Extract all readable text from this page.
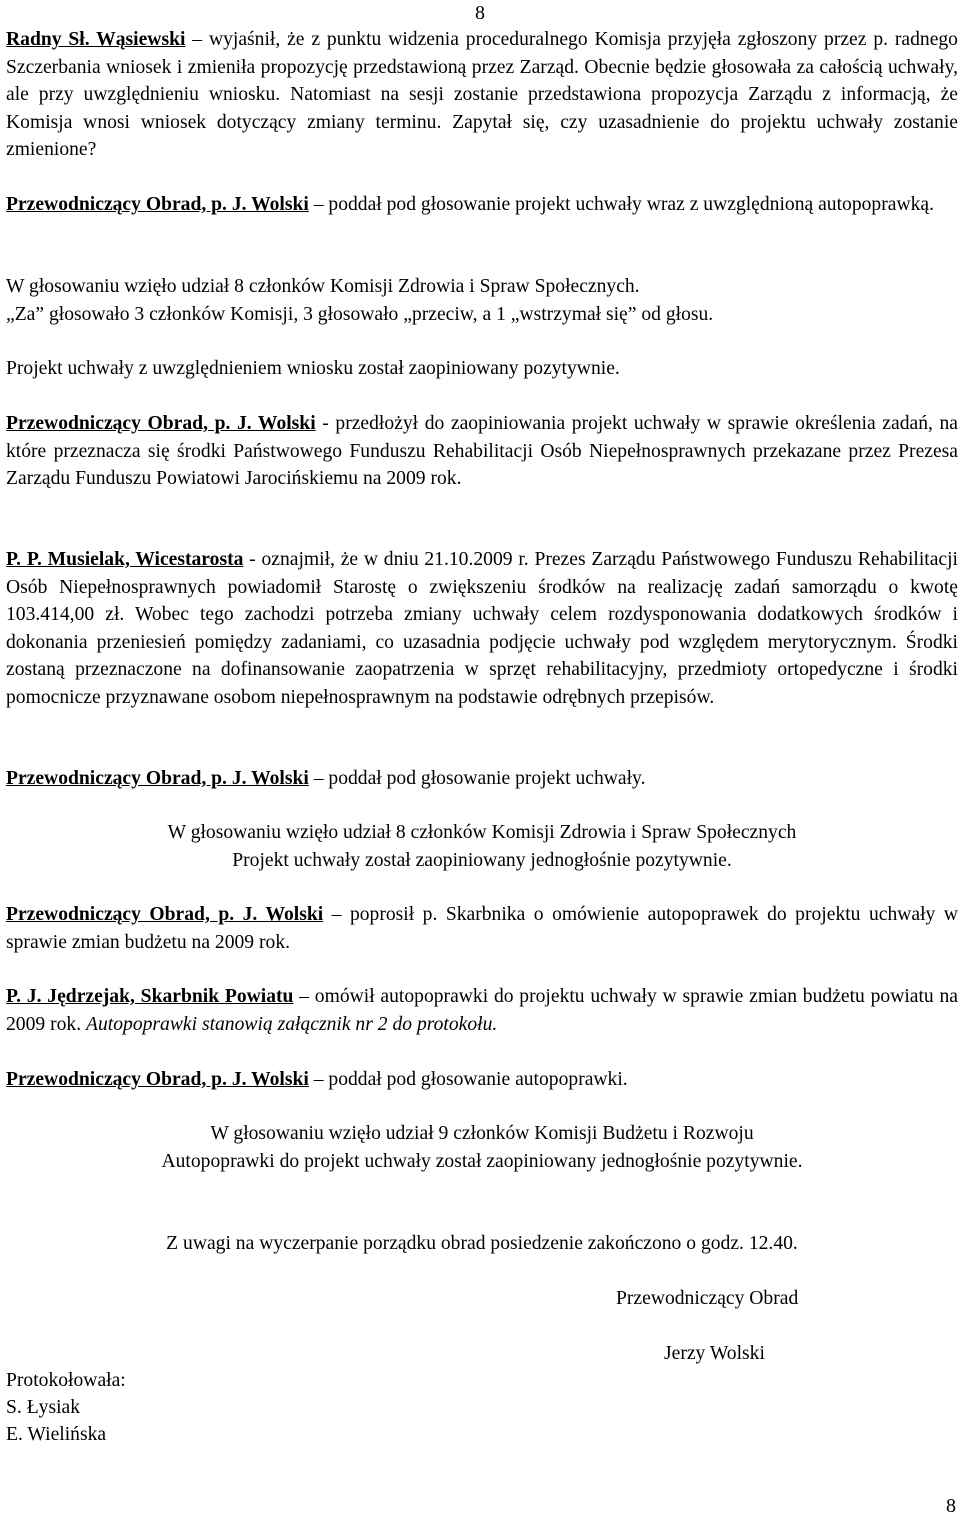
8

Radny Sł. Wąsiewski – wyjaśnił, że z punktu widzenia proceduralnego Komisja przyjęła zgłoszony przez p. radnego Szczerbania wniosek i zmieniła propozycję przedstawioną przez Zarząd. Obecnie będzie głosowała za całością uchwały, ale przy uwzględnieniu wniosku. Natomiast na sesji zostanie przedstawiona propozycja Zarządu z informacją, że Komisja wnosi wniosek dotyczący zmiany terminu. Zapytał się, czy uzasadnienie do projektu uchwały zostanie zmienione?

Przewodniczący Obrad, p. J. Wolski – poddał pod głosowanie projekt uchwały wraz z uwzględnioną autopoprawką.

W głosowaniu wzięło udział 8 członków Komisji Zdrowia i Spraw Społecznych.
„Za” głosowało 3 członków Komisji, 3 głosowało „przeciw, a 1 „wstrzymał się” od głosu.

Projekt uchwały z uwzględnieniem wniosku został zaopiniowany pozytywnie.

Przewodniczący Obrad, p. J. Wolski - przedłożył do zaopiniowania projekt uchwały w sprawie określenia zadań, na które przeznacza się środki Państwowego Funduszu Rehabilitacji Osób Niepełnosprawnych przekazane przez Prezesa Zarządu Funduszu Powiatowi Jarocińskiemu na 2009 rok.

P. P. Musielak, Wicestarosta - oznajmił, że w dniu 21.10.2009 r. Prezes Zarządu Państwowego Funduszu Rehabilitacji Osób Niepełnosprawnych powiadomił Starostę o zwiększeniu środków na realizację zadań samorządu o kwotę 103.414,00 zł. Wobec tego zachodzi potrzeba zmiany uchwały celem rozdysponowania dodatkowych środków i dokonania przeniesień pomiędzy zadaniami, co uzasadnia podjęcie uchwały pod względem merytorycznym. Środki zostaną przeznaczone na dofinansowanie zaopatrzenia w sprzęt rehabilitacyjny, przedmioty ortopedyczne i środki pomocnicze przyznawane osobom niepełnosprawnym na podstawie odrębnych przepisów.

Przewodniczący Obrad, p. J. Wolski – poddał pod głosowanie projekt uchwały.

W głosowaniu wzięło udział 8 członków Komisji Zdrowia i Spraw Społecznych
Projekt uchwały został zaopiniowany jednogłośnie pozytywnie.

Przewodniczący Obrad, p. J. Wolski – poprosił p. Skarbnika o omówienie autopoprawek do projektu uchwały w sprawie zmian budżetu na 2009 rok.

P. J. Jędrzejak, Skarbnik Powiatu – omówił autopoprawki do projektu uchwały w sprawie zmian budżetu powiatu na 2009 rok. Autopoprawki stanowią załącznik nr 2 do protokołu.

Przewodniczący Obrad, p. J. Wolski – poddał pod głosowanie autopoprawki.

W głosowaniu wzięło udział 9 członków Komisji Budżetu i Rozwoju
Autopoprawki do projekt uchwały został zaopiniowany jednogłośnie pozytywnie.

Z uwagi na wyczerpanie porządku obrad posiedzenie zakończono o godz. 12.40.

Przewodniczący Obrad
Jerzy Wolski
Protokołowała:
S. Łysiak
E. Wielińska
8
